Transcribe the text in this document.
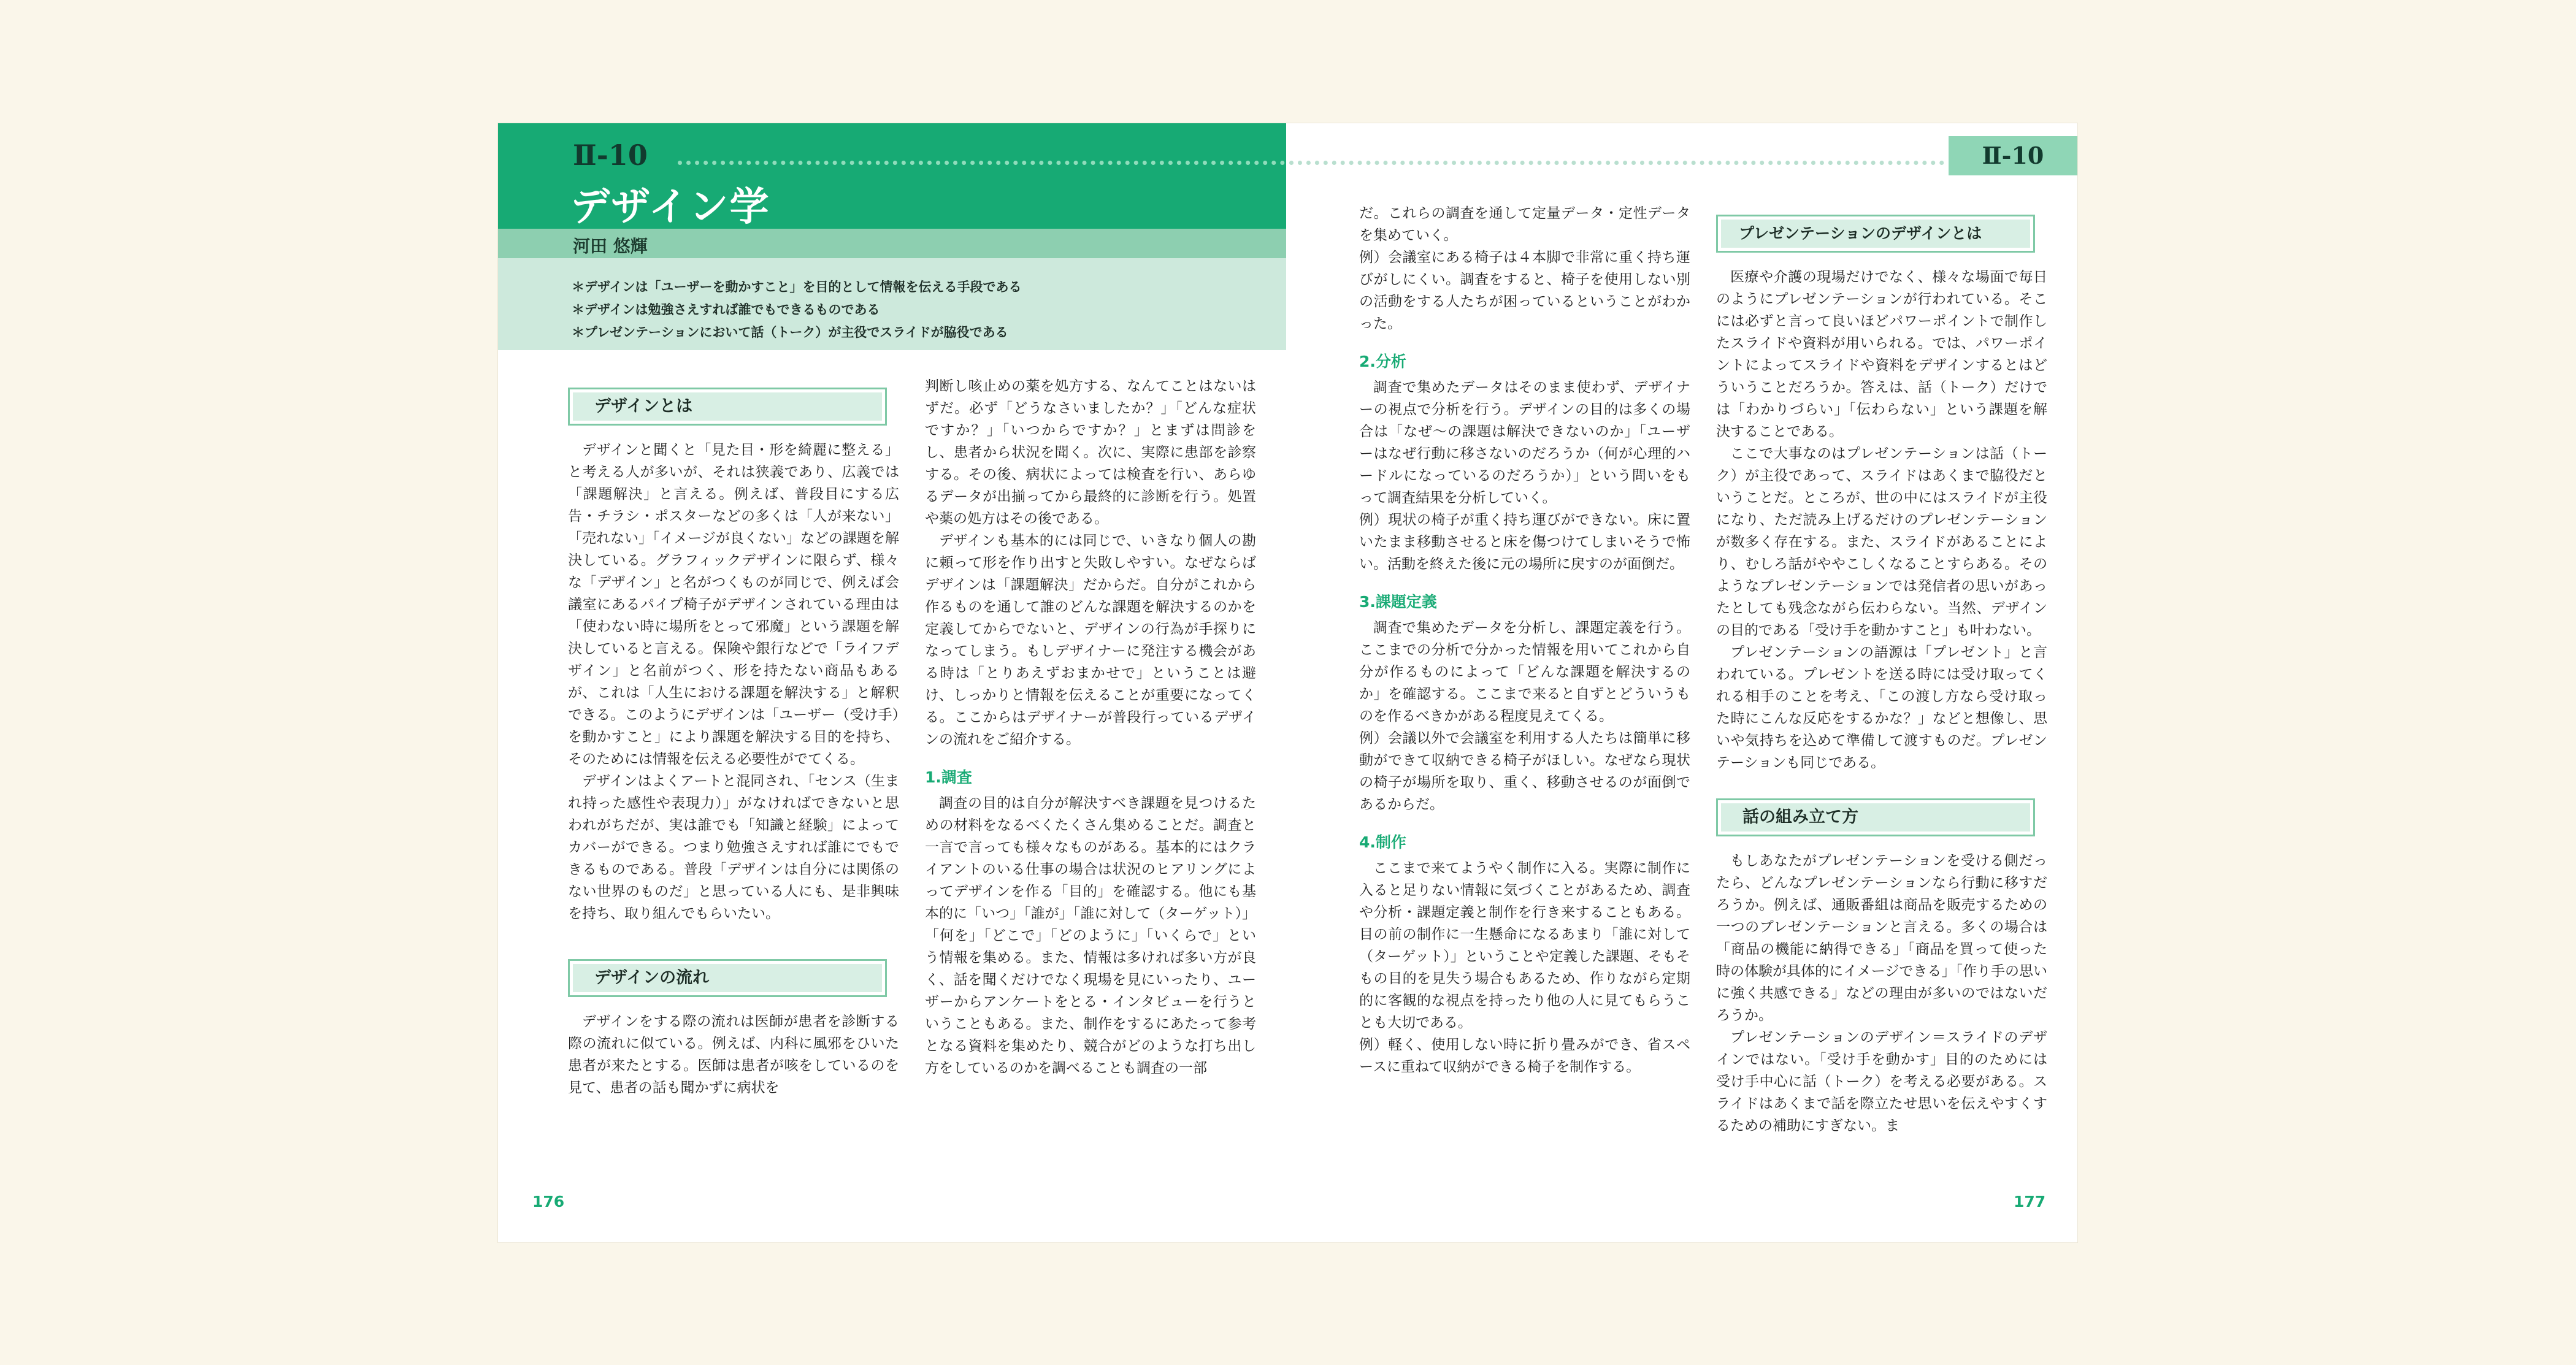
Ⅱ-10
デザイン学
河田 悠輝
Ⅱ-10
＊デザインは「ユーザーを動かすこと」を目的として情報を伝える手段である
＊デザインは勉強さえすれば誰でもできるものである
＊プレゼンテーションにおいて話（トーク）が主役でスライドが脇役である
デザインとは

デザインと聞くと「見た目・形を綺麗に整える」と考える人が多いが、それは狭義であり、広義では「課題解決」と言える。例えば、普段目にする広告・チラシ・ポスターなどの多くは「人が来ない」「売れない」「イメージが良くない」などの課題を解決している。グラフィックデザインに限らず、様々な「デザイン」と名がつくものが同じで、例えば会議室にあるパイプ椅子がデザインされている理由は「使わない時に場所をとって邪魔」という課題を解決していると言える。保険や銀行などで「ライフデザイン」と名前がつく、形を持たない商品もあるが、これは「人生における課題を解決する」と解釈できる。このようにデザインは「ユーザー（受け手）を動かすこと」により課題を解決する目的を持ち、そのためには情報を伝える必要性がでてくる。

デザインはよくアートと混同され、「センス（生まれ持った感性や表現力）」がなければできないと思われがちだが、実は誰でも「知識と経験」によってカバーができる。つまり勉強さえすれば誰にでもできるものである。普段「デザインは自分には関係のない世界のものだ」と思っている人にも、是非興味を持ち、取り組んでもらいたい。

デザインの流れ

デザインをする際の流れは医師が患者を診断する際の流れに似ている。例えば、内科に風邪をひいた患者が来たとする。医師は患者が咳をしているのを見て、患者の話も聞かずに病状を

判断し咳止めの薬を処方する、なんてことはないはずだ。必ず「どうなさいましたか？」「どんな症状ですか？」「いつからですか？」とまずは問診をし、患者から状況を聞く。次に、実際に患部を診察する。その後、病状によっては検査を行い、あらゆるデータが出揃ってから最終的に診断を行う。処置や薬の処方はその後である。

デザインも基本的には同じで、いきなり個人の勘に頼って形を作り出すと失敗しやすい。なぜならばデザインは「課題解決」だからだ。自分がこれから作るものを通して誰のどんな課題を解決するのかを定義してからでないと、デザインの行為が手探りになってしまう。もしデザイナーに発注する機会がある時は「とりあえずおまかせで」ということは避け、しっかりと情報を伝えることが重要になってくる。ここからはデザイナーが普段行っているデザインの流れをご紹介する。

1.調査

調査の目的は自分が解決すべき課題を見つけるための材料をなるべくたくさん集めることだ。調査と一言で言っても様々なものがある。基本的にはクライアントのいる仕事の場合は状況のヒアリングによってデザインを作る「目的」を確認する。他にも基本的に「いつ」「誰が」「誰に対して（ターゲット）」「何を」「どこで」「どのように」「いくらで」という情報を集める。また、情報は多ければ多い方が良く、話を聞くだけでなく現場を見にいったり、ユーザーからアンケートをとる・インタビューを行うということもある。また、制作をするにあたって参考となる資料を集めたり、競合がどのような打ち出し方をしているのかを調べることも調査の一部

だ。これらの調査を通して定量データ・定性データを集めていく。

例）会議室にある椅子は４本脚で非常に重く持ち運びがしにくい。調査をすると、椅子を使用しない別の活動をする人たちが困っているということがわかった。

2.分析

調査で集めたデータはそのまま使わず、デザイナーの視点で分析を行う。デザインの目的は多くの場合は「なぜ〜の課題は解決できないのか」「ユーザーはなぜ行動に移さないのだろうか（何が心理的ハードルになっているのだろうか）」という問いをもって調査結果を分析していく。

例）現状の椅子が重く持ち運びができない。床に置いたまま移動させると床を傷つけてしまいそうで怖い。活動を終えた後に元の場所に戻すのが面倒だ。

3.課題定義

調査で集めたデータを分析し、課題定義を行う。ここまでの分析で分かった情報を用いてこれから自分が作るものによって「どんな課題を解決するのか」を確認する。ここまで来ると自ずとどういうものを作るべきかがある程度見えてくる。

例）会議以外で会議室を利用する人たちは簡単に移動ができて収納できる椅子がほしい。なぜなら現状の椅子が場所を取り、重く、移動させるのが面倒であるからだ。

4.制作

ここまで来てようやく制作に入る。実際に制作に入ると足りない情報に気づくことがあるため、調査や分析・課題定義と制作を行き来することもある。目の前の制作に一生懸命になるあまり「誰に対して（ターゲット）」ということや定義した課題、そもそもの目的を見失う場合もあるため、作りながら定期的に客観的な視点を持ったり他の人に見てもらうことも大切である。

例）軽く、使用しない時に折り畳みができ、省スペースに重ねて収納ができる椅子を制作する。

プレゼンテーションのデザインとは

医療や介護の現場だけでなく、様々な場面で毎日のようにプレゼンテーションが行われている。そこには必ずと言って良いほどパワーポイントで制作したスライドや資料が用いられる。では、パワーポイントによってスライドや資料をデザインするとはどういうことだろうか。答えは、話（トーク）だけでは「わかりづらい」「伝わらない」という課題を解決することである。

ここで大事なのはプレゼンテーションは話（トーク）が主役であって、スライドはあくまで脇役だということだ。ところが、世の中にはスライドが主役になり、ただ読み上げるだけのプレゼンテーションが数多く存在する。また、スライドがあることにより、むしろ話がややこしくなることすらある。そのようなプレゼンテーションでは発信者の思いがあったとしても残念ながら伝わらない。当然、デザインの目的である「受け手を動かすこと」も叶わない。

プレゼンテーションの語源は「プレゼント」と言われている。プレゼントを送る時には受け取ってくれる相手のことを考え、「この渡し方なら受け取った時にこんな反応をするかな？」などと想像し、思いや気持ちを込めて準備して渡すものだ。プレゼンテーションも同じである。

話の組み立て方

もしあなたがプレゼンテーションを受ける側だったら、どんなプレゼンテーションなら行動に移すだろうか。例えば、通販番組は商品を販売するための一つのプレゼンテーションと言える。多くの場合は「商品の機能に納得できる」「商品を買って使った時の体験が具体的にイメージできる」「作り手の思いに強く共感できる」などの理由が多いのではないだろうか。

プレゼンテーションのデザイン＝スライドのデザインではない。「受け手を動かす」目的のためには受け手中心に話（トーク）を考える必要がある。スライドはあくまで話を際立たせ思いを伝えやすくするための補助にすぎない。ま

176	177
